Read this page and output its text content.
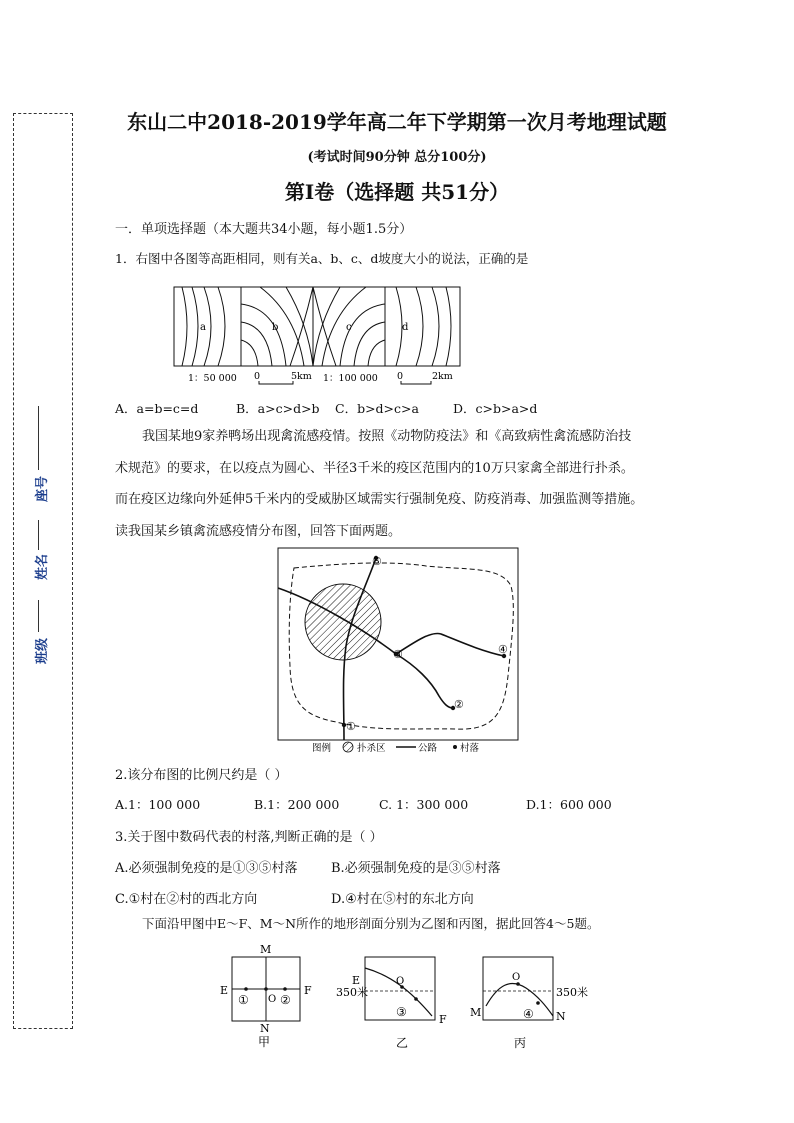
班级
姓名
座号
东山二中2018-2019学年高二年下学期第一次月考地理试题
(考试时间90分钟 总分100分)
第Ⅰ卷（选择题 共51分）
一．单项选择题（本大题共34小题，每小题1.5分）
1．右图中各图等高距相同，则有关a、b、c、d坡度大小的说法，正确的是
a	b	c	d
1：50 000 0	5km 1：100 000 0	2km
A．a=b=c=d	B．a>c>d>b C．b>d>c>a	D．c>b>a>d
我国某地9家养鸭场出现禽流感疫情。按照《动物防疫法》和《高致病性禽流感防治技
术规范》的要求，在以疫点为圆心、半径3千米的疫区范围内的10万只家禽全部进行扑杀。
而在疫区边缘向外延伸5千米内的受威胁区域需实行强制免疫、防疫消毒、加强监测等措施。
读我国某乡镇禽流感疫情分布图，回答下面两题。
①
②
③	④
⑤
图例	扑杀区	公路 村落
2.该分布图的比例尺约是（ ）
A.1：100 000	B.1：200 000	C. 1：300 000	D.1：600 000
3.关于图中数码代表的村落,判断正确的是（ ）
A.必须强制免疫的是①③⑤村落	B.必须强制免疫的是③⑤村落
C.①村在②村的西北方向	D.④村在⑤村的东北方向
下面沿甲图中E～F、M～N所作的地形剖面分别为乙图和丙图，据此回答4～5题。
M
N
E	F
O
①	②
甲
E
350米
O
③
F
乙
M
O
350米
④ N
丙
